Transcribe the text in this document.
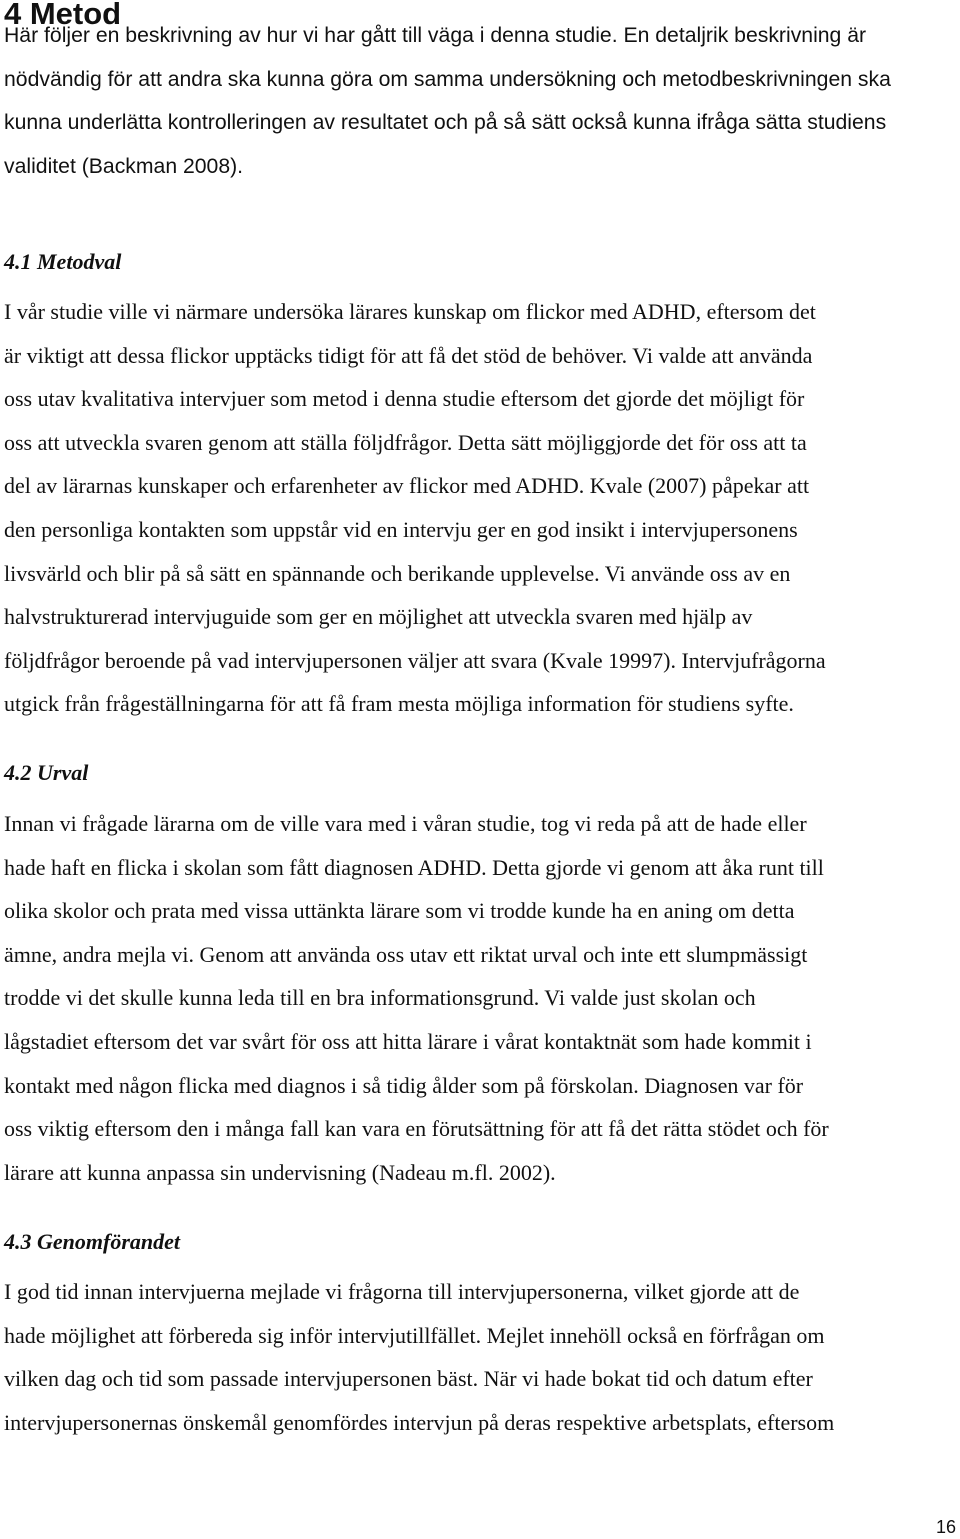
4 Metod

Här följer en beskrivning av hur vi har gått till väga i denna studie. En detaljrik beskrivning är
nödvändig för att andra ska kunna göra om samma undersökning och metodbeskrivningen ska
kunna underlätta kontrolleringen av resultatet och på så sätt också kunna ifråga sätta studiens
validitet (Backman 2008).

4.1 Metodval

I vår studie ville vi närmare undersöka lärares kunskap om flickor med ADHD, eftersom det
är viktigt att dessa flickor upptäcks tidigt för att få det stöd de behöver. Vi valde att använda
oss utav kvalitativa intervjuer som metod i denna studie eftersom det gjorde det möjligt för
oss att utveckla svaren genom att ställa följdfrågor. Detta sätt möjliggjorde det för oss att ta
del av lärarnas kunskaper och erfarenheter av flickor med ADHD. Kvale (2007) påpekar att
den personliga kontakten som uppstår vid en intervju ger en god insikt i intervjupersonens
livsvärld och blir på så sätt en spännande och berikande upplevelse. Vi använde oss av en
halvstrukturerad intervjuguide som ger en möjlighet att utveckla svaren med hjälp av
följdfrågor beroende på vad intervjupersonen väljer att svara (Kvale 19997). Intervjufrågorna
utgick från frågeställningarna för att få fram mesta möjliga information för studiens syfte.

4.2 Urval

Innan vi frågade lärarna om de ville vara med i våran studie, tog vi reda på att de hade eller
hade haft en flicka i skolan som fått diagnosen ADHD. Detta gjorde vi genom att åka runt till
olika skolor och prata med vissa uttänkta lärare som vi trodde kunde ha en aning om detta
ämne, andra mejla vi. Genom att använda oss utav ett riktat urval och inte ett slumpmässigt
trodde vi det skulle kunna leda till en bra informationsgrund. Vi valde just skolan och
lågstadiet eftersom det var svårt för oss att hitta lärare i vårat kontaktnät som hade kommit i
kontakt med någon flicka med diagnos i så tidig ålder som på förskolan. Diagnosen var för
oss viktig eftersom den i många fall kan vara en förutsättning för att få det rätta stödet och för
lärare att kunna anpassa sin undervisning (Nadeau m.fl. 2002).

4.3 Genomförandet

I god tid innan intervjuerna mejlade vi frågorna till intervjupersonerna, vilket gjorde att de
hade möjlighet att förbereda sig inför intervjutillfället. Mejlet innehöll också en förfrågan om
vilken dag och tid som passade intervjupersonen bäst. När vi hade bokat tid och datum efter
intervjupersonernas önskemål genomfördes intervjun på deras respektive arbetsplats, eftersom

16
